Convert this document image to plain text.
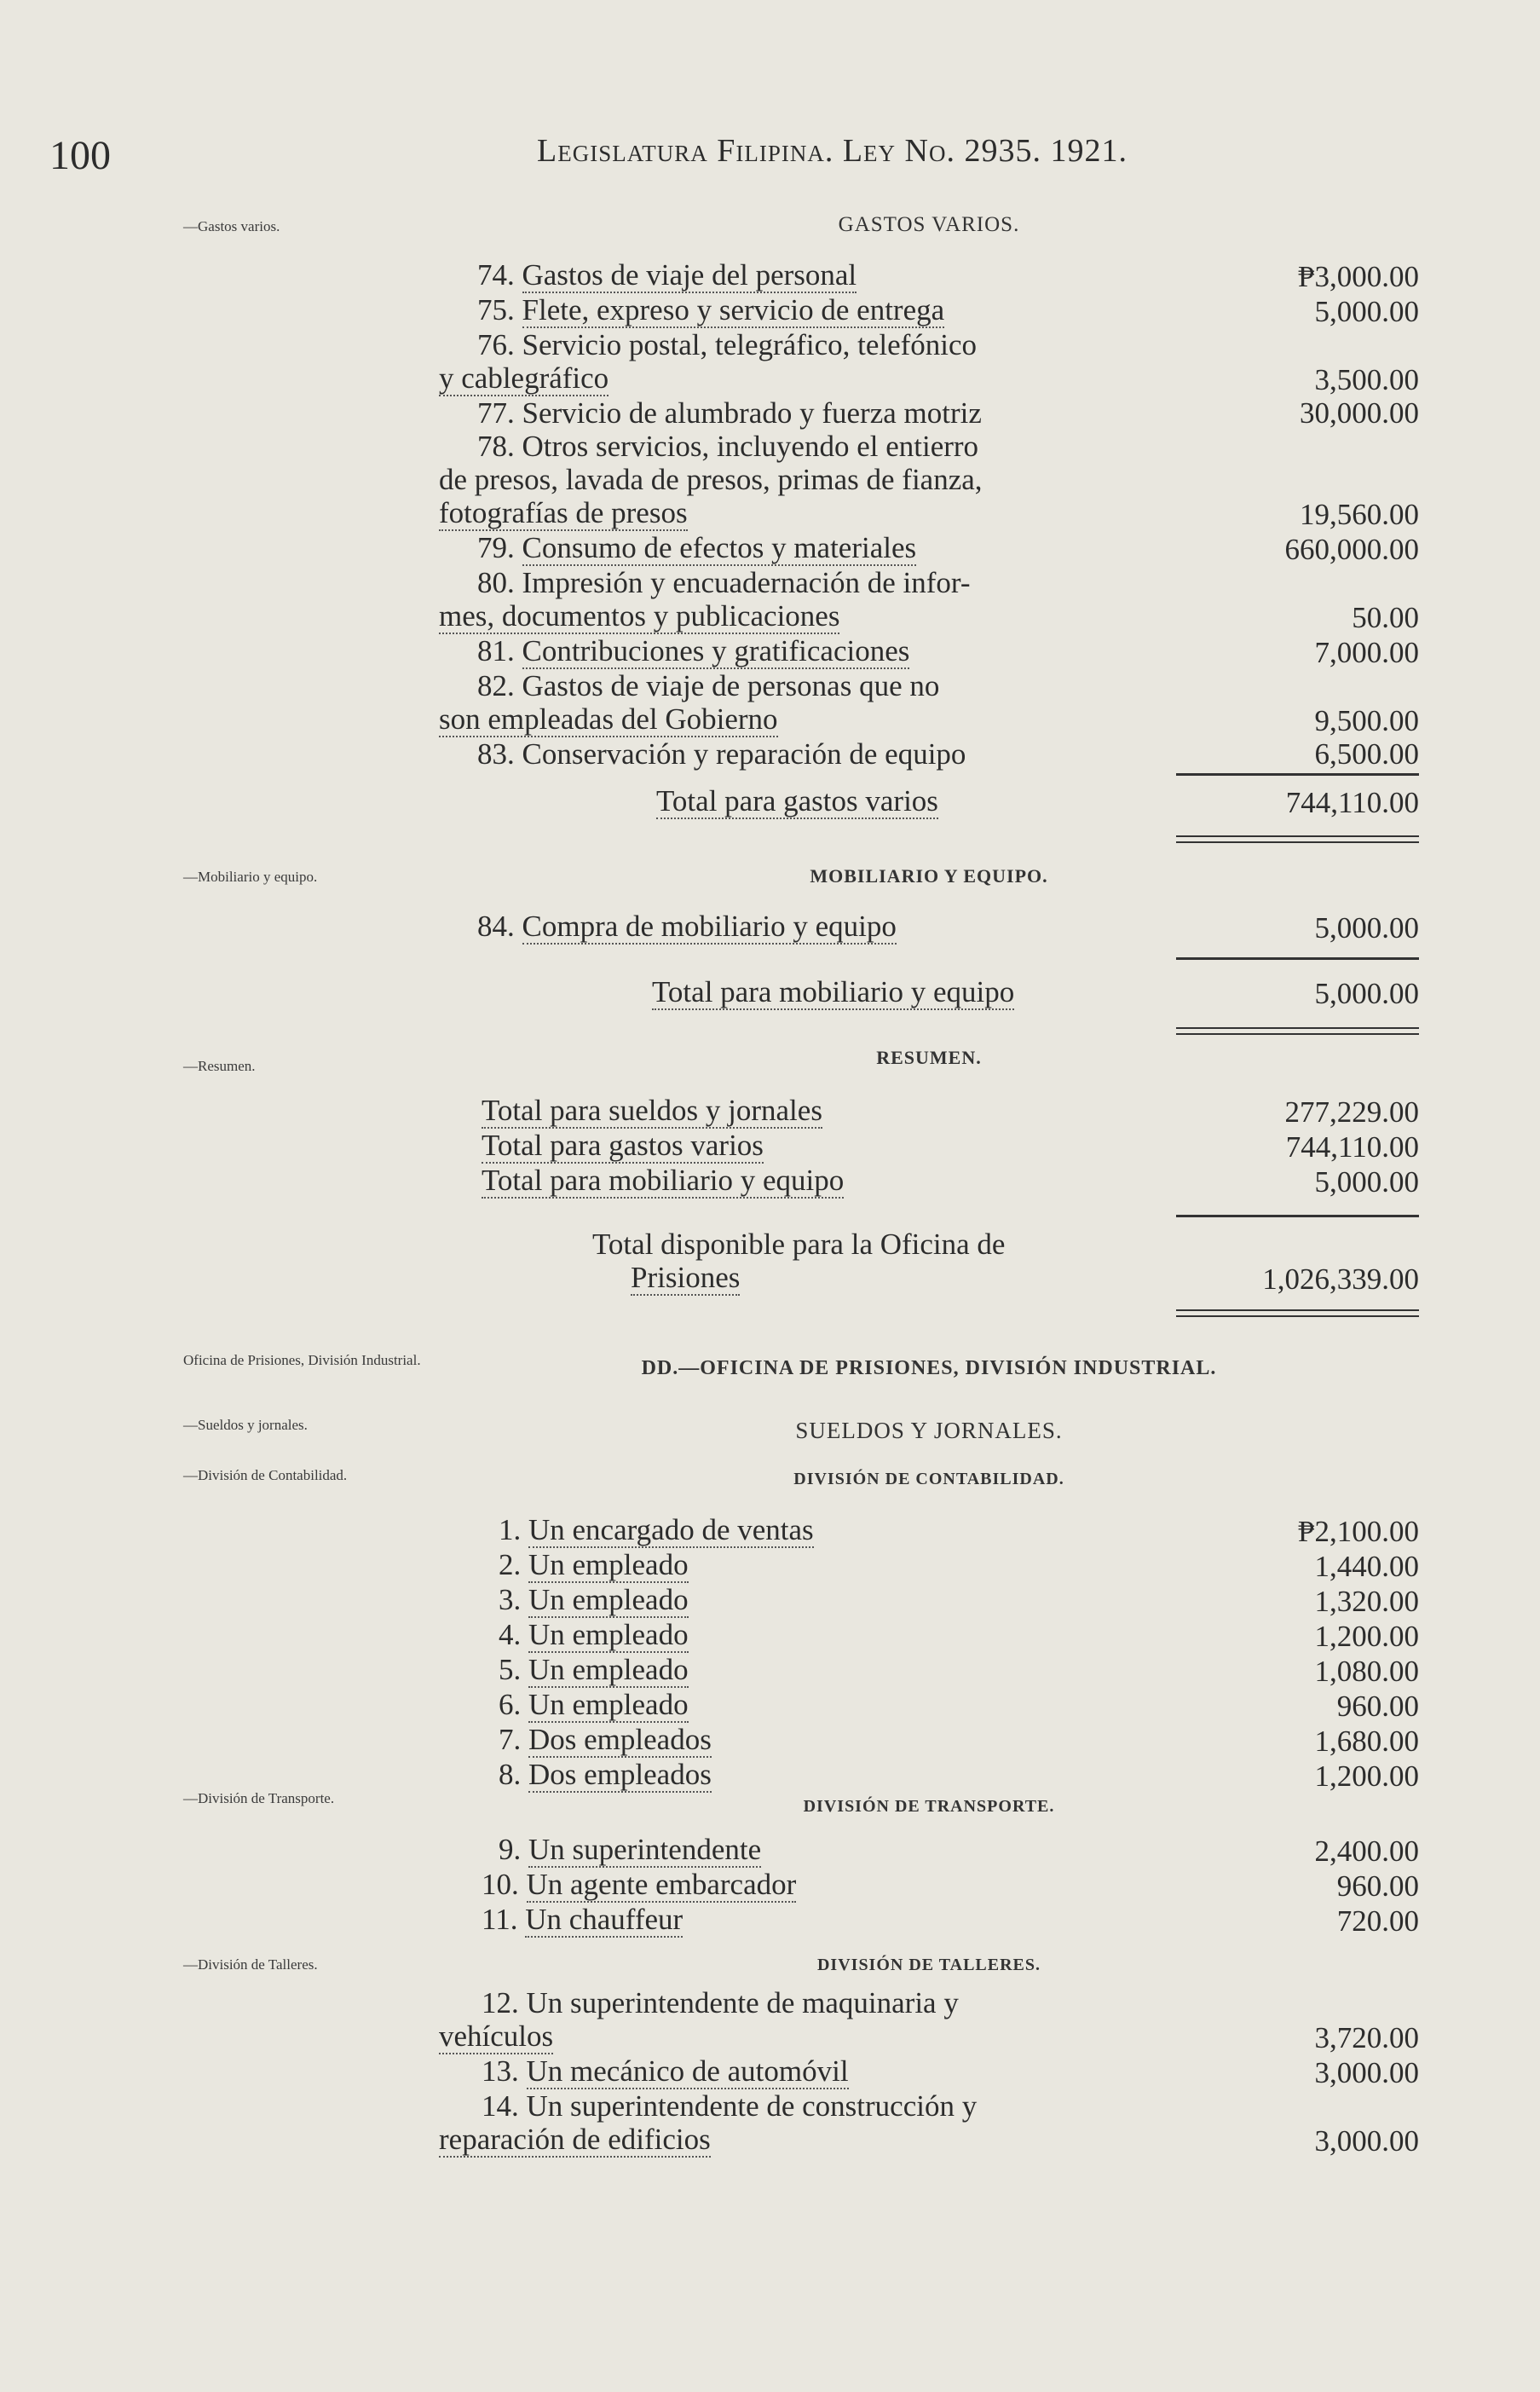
100	Legislatura Filipina. Ley No. 2935. 1921.
—Gastos varios.
—Mobiliario y equipo.
—Resumen.
Oficina de Prisiones, División Industrial.
—Sueldos y jornales.
—División de Contabilidad.
—División de Transporte.
—División de Talleres.
GASTOS VARIOS.
74. Gastos de viaje del personal	₱3,000.00
75. Flete, expreso y servicio de entrega	5,000.00
76. Servicio postal, telegráfico, telefónico
y cablegráfico	3,500.00
77. Servicio de alumbrado y fuerza motriz	30,000.00
78. Otros servicios, incluyendo el entierro
de presos, lavada de presos, primas de fianza,
fotografías de presos	19,560.00
79. Consumo de efectos y materiales	660,000.00
80. Impresión y encuadernación de infor-
mes, documentos y publicaciones	50.00
81. Contribuciones y gratificaciones	7,000.00
82. Gastos de viaje de personas que no
son empleadas del Gobierno	9,500.00
83. Conservación y reparación de equipo	6,500.00
Total para gastos varios	744,110.00
MOBILIARIO Y EQUIPO.
84. Compra de mobiliario y equipo	5,000.00
Total para mobiliario y equipo	5,000.00
RESUMEN.
Total para sueldos y jornales	277,229.00
Total para gastos varios	744,110.00
Total para mobiliario y equipo	5,000.00
Total disponible para la Oficina de
Prisiones	1,026,339.00
DD.—OFICINA DE PRISIONES, DIVISIÓN INDUSTRIAL.
SUELDOS Y JORNALES.
DIVISIÓN DE CONTABILIDAD.
1. Un encargado de ventas	₱2,100.00
2. Un empleado	1,440.00
3. Un empleado	1,320.00
4. Un empleado	1,200.00
5. Un empleado	1,080.00
6. Un empleado	960.00
7. Dos empleados	1,680.00
8. Dos empleados	1,200.00
DIVISIÓN DE TRANSPORTE.
9. Un superintendente	2,400.00
10. Un agente embarcador	960.00
11. Un chauffeur	720.00
DIVISIÓN DE TALLERES.
12. Un superintendente de maquinaria y
vehículos	3,720.00
13. Un mecánico de automóvil	3,000.00
14. Un superintendente de construcción y
reparación de edificios	3,000.00
